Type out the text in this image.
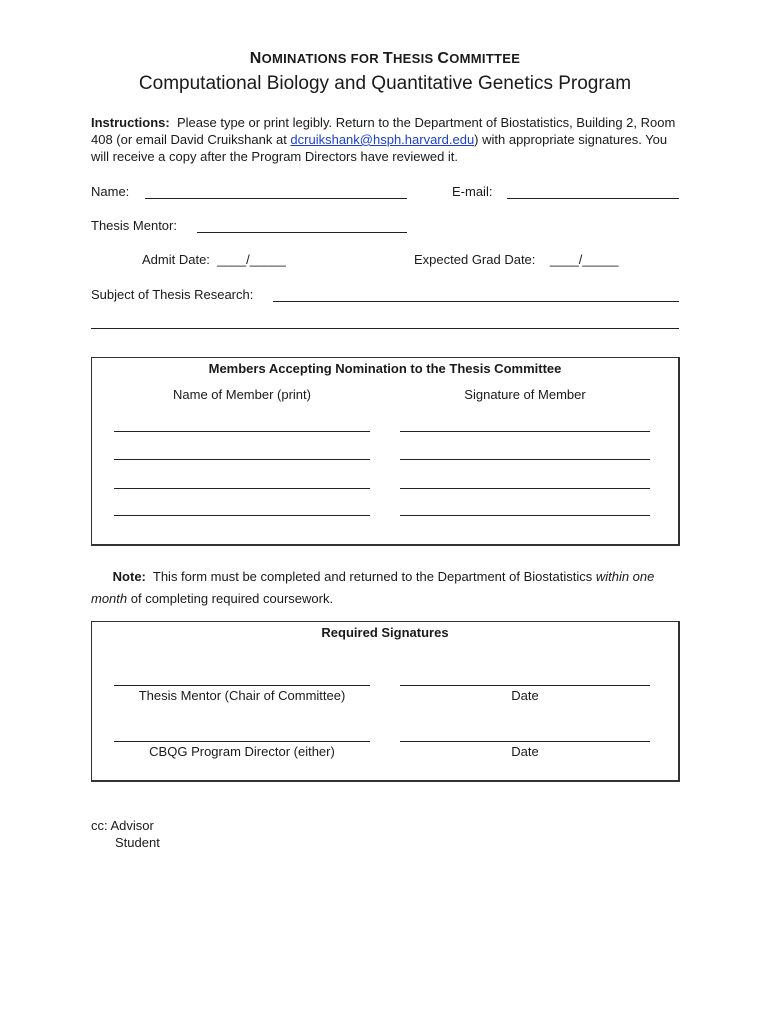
NOMINATIONS FOR THESIS COMMITTEE
Computational Biology and Quantitative Genetics Program
Instructions: Please type or print legibly. Return to the Department of Biostatistics, Building 2, Room 408 (or email David Cruikshank at dcruikshank@hsph.harvard.edu) with appropriate signatures. You will receive a copy after the Program Directors have reviewed it.
Name:	E-mail:
Thesis Mentor:
Admit Date: ____/_____	Expected Grad Date: ____/_____
Subject of Thesis Research:
Members Accepting Nomination to the Thesis Committee
Name of Member (print)	Signature of Member
Note: This form must be completed and returned to the Department of Biostatistics within one month of completing required coursework.
Required Signatures
Thesis Mentor (Chair of Committee)	Date
CBQG Program Director (either)	Date
cc: Advisor
Student
